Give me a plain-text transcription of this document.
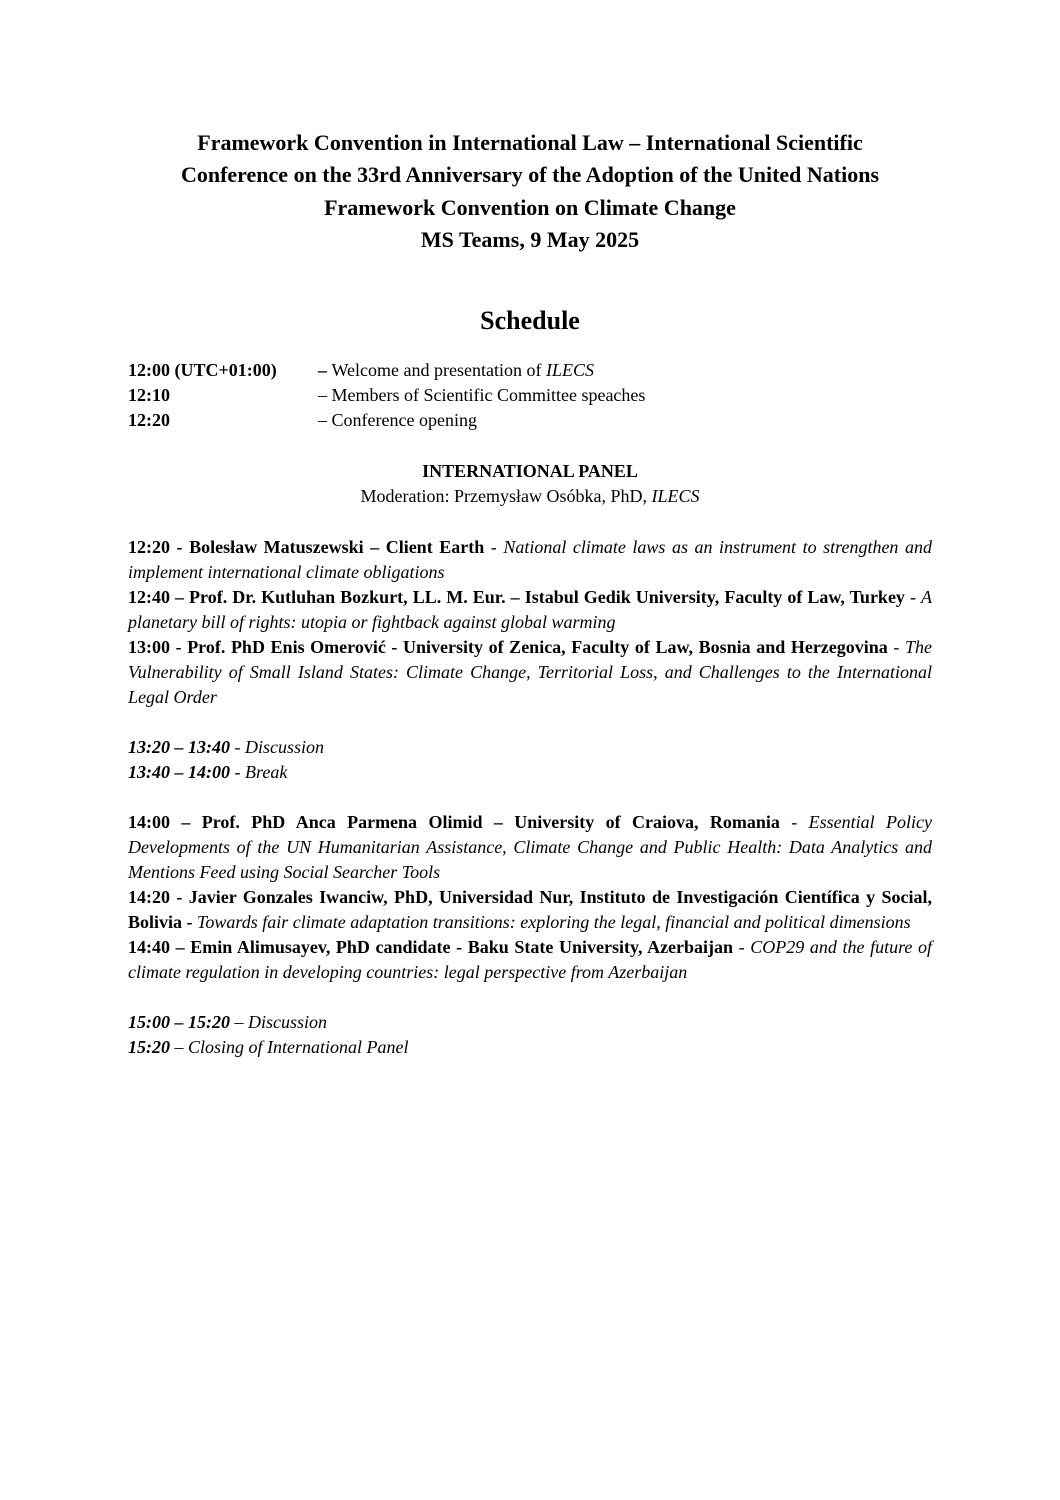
Framework Convention in International Law – International Scientific
Conference on the 33rd Anniversary of the Adoption of the United Nations
Framework Convention on Climate Change
MS Teams, 9 May 2025
Schedule
12:00 (UTC+01:00)	– Welcome and presentation of ILECS
12:10	– Members of Scientific Committee speaches
12:20	– Conference opening
INTERNATIONAL PANEL
Moderation: Przemysław Osóbka, PhD, ILECS
12:20 - Bolesław Matuszewski – Client Earth - National climate laws as an instrument to strengthen and implement international climate obligations
12:40 – Prof. Dr. Kutluhan Bozkurt, LL. M. Eur. – Istabul Gedik University, Faculty of Law, Turkey - A planetary bill of rights: utopia or fightback against global warming
13:00 - Prof. PhD Enis Omerović - University of Zenica, Faculty of Law, Bosnia and Herzegovina - The Vulnerability of Small Island States: Climate Change, Territorial Loss, and Challenges to the International Legal Order
13:20 – 13:40 - Discussion
13:40 – 14:00 - Break
14:00 – Prof. PhD Anca Parmena Olimid – University of Craiova, Romania - Essential Policy Developments of the UN Humanitarian Assistance, Climate Change and Public Health: Data Analytics and Mentions Feed using Social Searcher Tools
14:20 - Javier Gonzales Iwanciw, PhD, Universidad Nur, Instituto de Investigación Científica y Social, Bolivia - Towards fair climate adaptation transitions: exploring the legal, financial and political dimensions
14:40 – Emin Alimusayev, PhD candidate - Baku State University, Azerbaijan - COP29 and the future of climate regulation in developing countries: legal perspective from Azerbaijan
15:00 – 15:20 – Discussion
15:20 – Closing of International Panel
